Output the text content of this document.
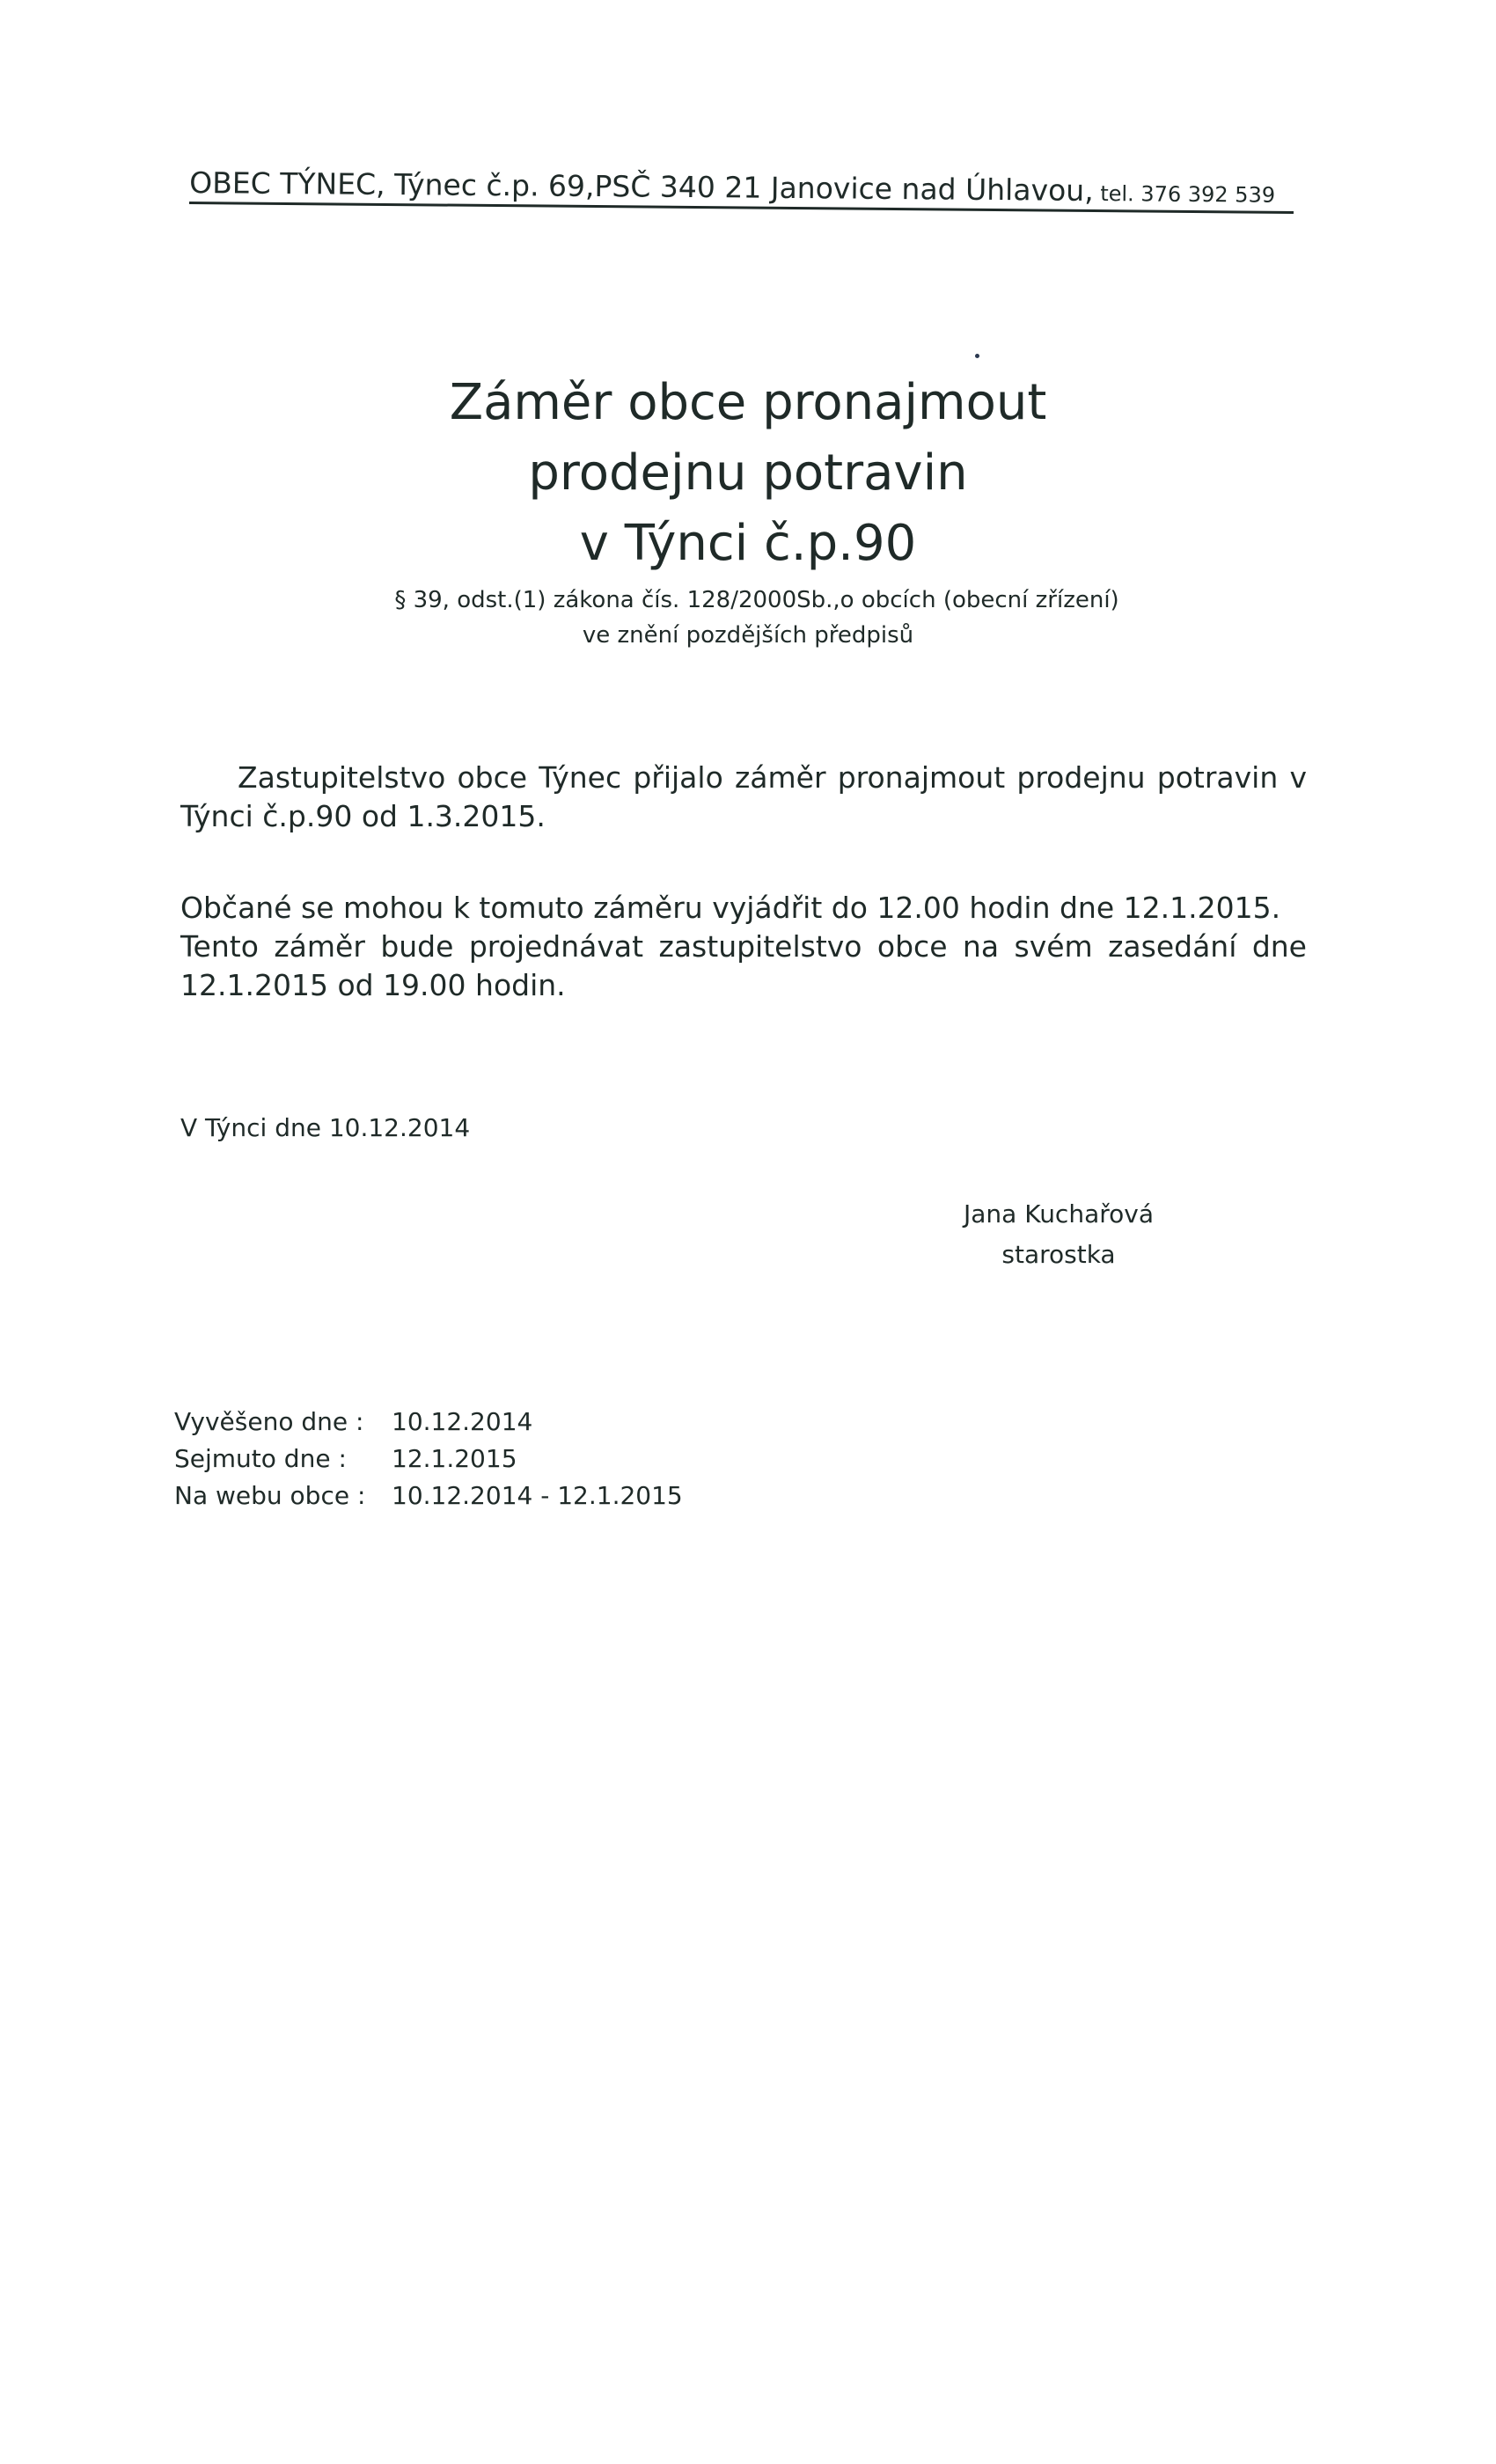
OBEC TÝNEC, Týnec č.p. 69,PSČ 340 21 Janovice nad Úhlavou, tel. 376 392 539
Záměr obce pronajmout
prodejnu potravin
v Týnci č.p.90
§ 39, odst.(1) zákona čís. 128/2000Sb.,o obcích (obecní zřízení)
ve znění pozdějších předpisů
Zastupitelstvo obce Týnec přijalo záměr pronajmout prodejnu potravin v Týnci č.p.90 od 1.3.2015.
Občané se mohou k tomuto záměru vyjádřit do 12.00 hodin dne 12.1.2015.
Tento záměr bude projednávat zastupitelstvo obce na svém zasedání dne 12.1.2015 od 19.00 hodin.
V Týnci dne 10.12.2014
Jana Kuchařová
starostka
Vyvěšeno dne :	10.12.2014
Sejmuto dne :	12.1.2015
Na webu obce :	10.12.2014 - 12.1.2015
